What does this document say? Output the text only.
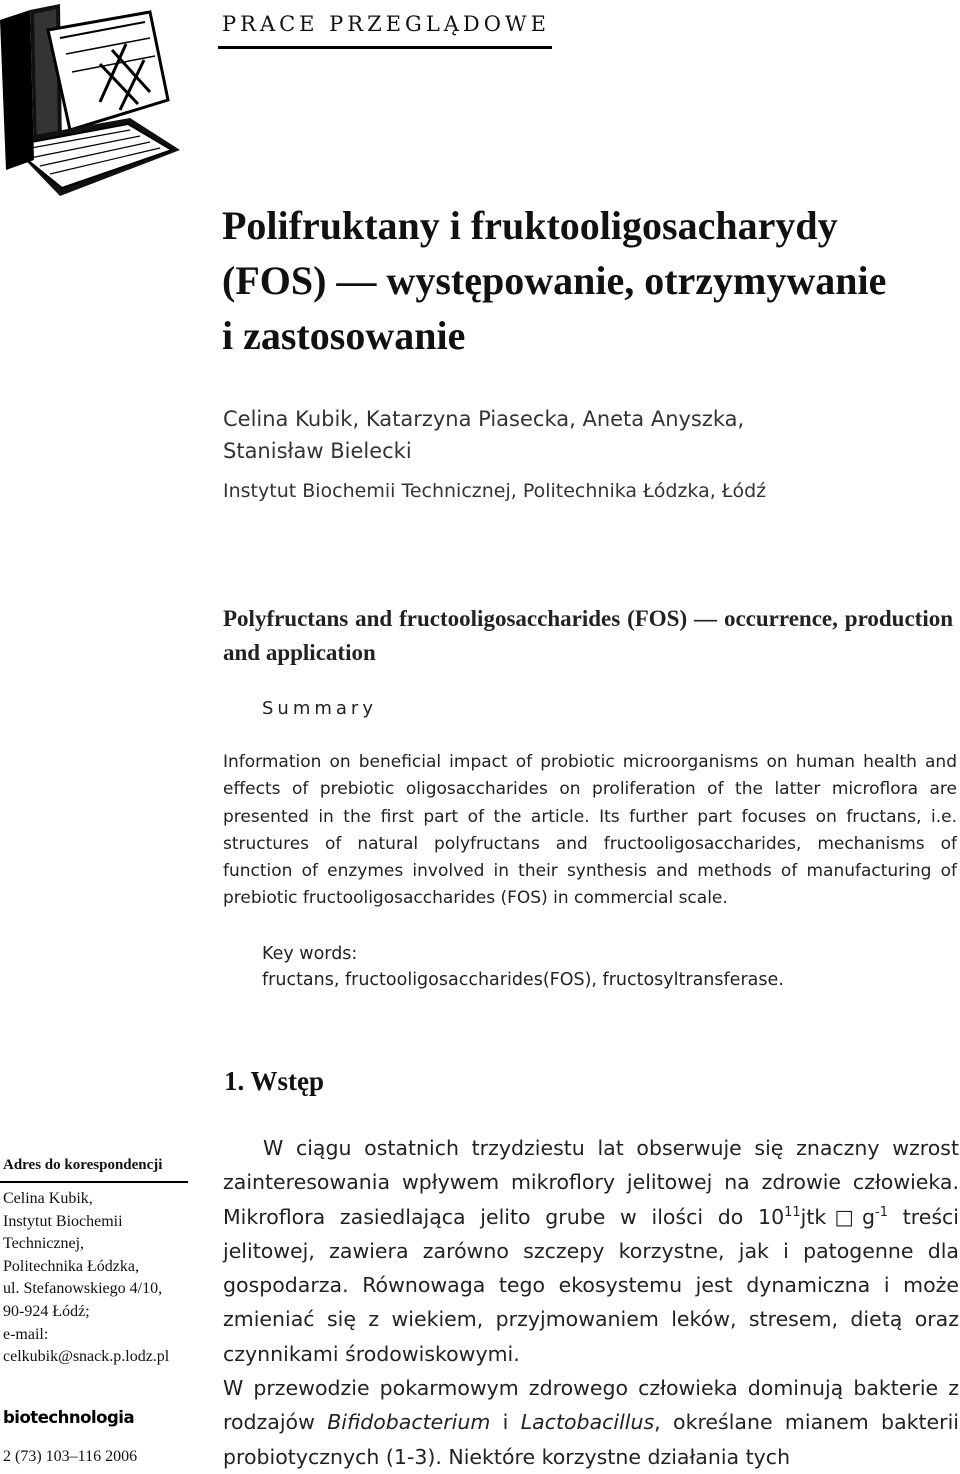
PRACE PRZEGLĄDOWE
Polifruktany i fruktooligosacharydy
(FOS) — występowanie, otrzymywanie
i zastosowanie
Celina Kubik, Katarzyna Piasecka, Aneta Anyszka,
Stanisław Bielecki
Instytut Biochemii Technicznej, Politechnika Łódzka, Łódź
Polyfructans and fructooligosaccharides (FOS) — occurrence, production and application
Summary
Information on beneficial impact of probiotic microorganisms on human health and effects of prebiotic oligosaccharides on proliferation of the latter microflora are presented in the first part of the article. Its further part focuses on fructans, i.e. structures of natural polyfructans and fructooligosaccharides, mechanisms of function of enzymes involved in their synthesis and methods of manufacturing of prebiotic fructooligosaccharides (FOS) in commercial scale.
Key words:
fructans, fructooligosaccharides(FOS), fructosyltransferase.
1. Wstęp

W ciągu ostatnich trzydziestu lat obserwuje się znaczny wzrost zainteresowania wpływem mikroflory jelitowej na zdrowie człowieka. Mikroflora zasiedlająca jelito grube w ilości do $10^{11}jtk□g^{-1}$ treści jelitowej, zawiera zarówno szczepy korzystne, jak i patogenne dla gospodarza. Równowaga tego ekosystemu jest dynamiczna i może zmieniać się z wiekiem, przyjmowaniem leków, stresem, dietą oraz czynnikami środowiskowymi.

W przewodzie pokarmowym zdrowego człowieka dominują bakterie z rodzajów Bifidobacterium i Lactobacillus, określane mianem bakterii probiotycznych (1-3). Niektóre korzystne działania tych

Adres do korespondencji
Celina Kubik,
Instytut Biochemii
Technicznej,
Politechnika Łódzka,
ul. Stefanowskiego 4/10,
90-924 Łódź;
e-mail:
celkubik@snack.p.lodz.pl
biotechnologia
2 (73) 103–116 2006
